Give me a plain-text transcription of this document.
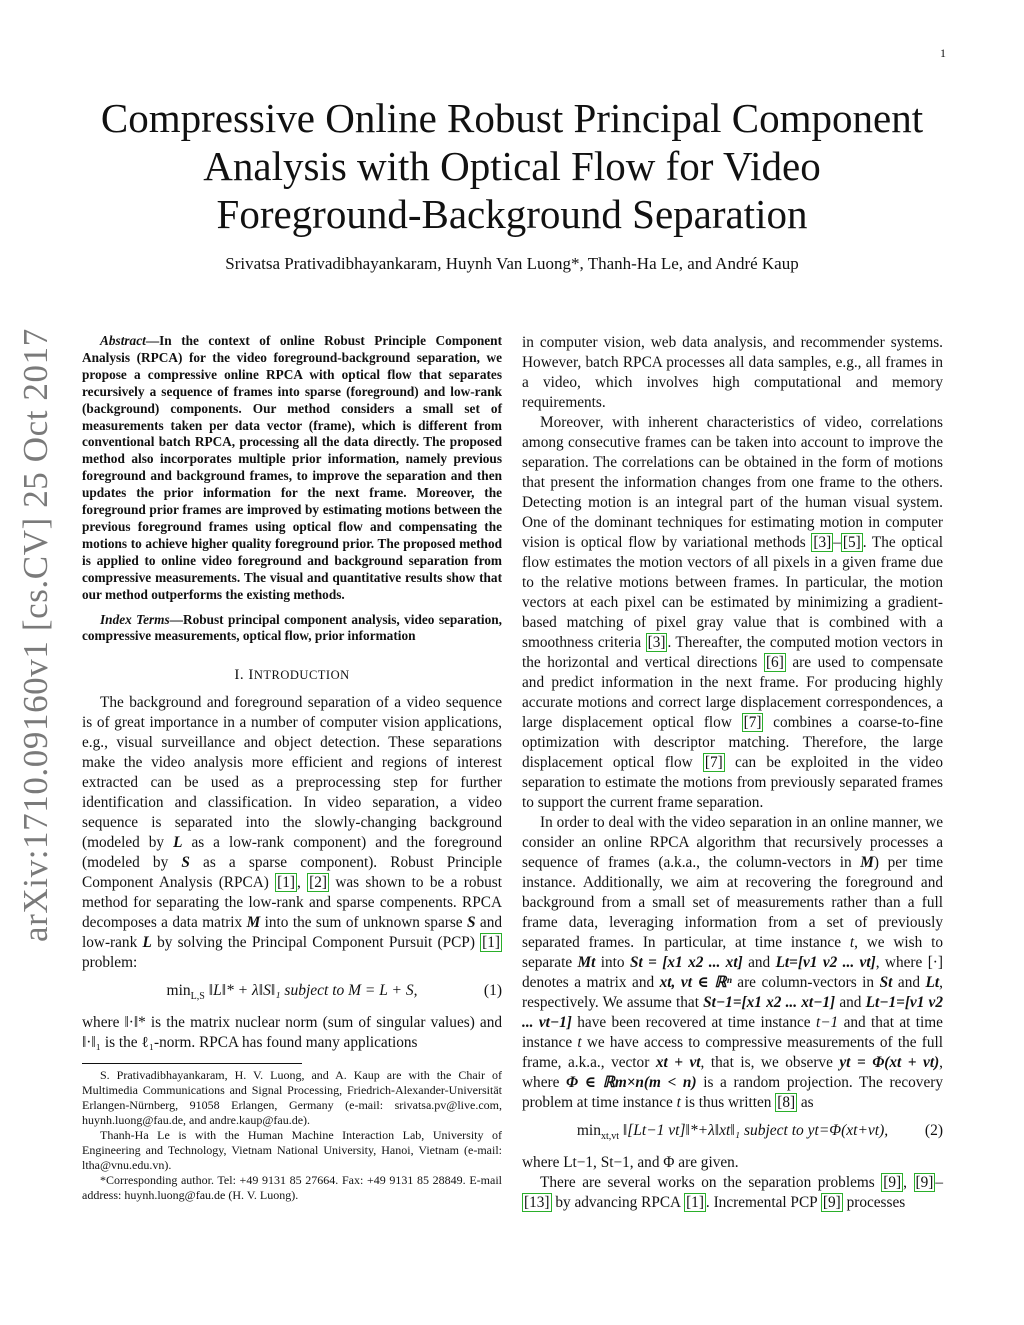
1
arXiv:1710.09160v1 [cs.CV] 25 Oct 2017
Compressive Online Robust Principal Component
Analysis with Optical Flow for Video
Foreground-Background Separation
Srivatsa Prativadibhayankaram, Huynh Van Luong*, Thanh-Ha Le, and André Kaup

Abstract—In the context of online Robust Principle Component Analysis (RPCA) for the video foreground-background separation, we propose a compressive online RPCA with optical flow that separates recursively a sequence of frames into sparse (foreground) and low-rank (background) components. Our method considers a small set of measurements taken per data vector (frame), which is different from conventional batch RPCA, processing all the data directly. The proposed method also incorporates multiple prior information, namely previous foreground and background frames, to improve the separation and then updates the prior information for the next frame. Moreover, the foreground prior frames are improved by estimating motions between the previous foreground frames using optical flow and compensating the motions to achieve higher quality foreground prior. The proposed method is applied to online video foreground and background separation from compressive measurements. The visual and quantitative results show that our method outperforms the existing methods.

Index Terms—Robust principal component analysis, video separation, compressive measurements, optical flow, prior information

I. INTRODUCTION

The background and foreground separation of a video sequence is of great importance in a number of computer vision applications, e.g., visual surveillance and object detection. These separations make the video analysis more efficient and regions of interest extracted can be used as a preprocessing step for further identification and classification. In video separation, a video sequence is separated into the slowly-changing background (modeled by L as a low-rank component) and the foreground (modeled by S as a sparse component). Robust Principle Component Analysis (RPCA) [1] , [2] was shown to be a robust method for separating the low-rank and sparse compenents. RPCA decomposes a data matrix M into the sum of unknown sparse S and low-rank L by solving the Principal Component Pursuit (PCP) [1] problem:

$\min_{L,S}$ ‖L‖* + λ‖S‖₁ subject to M = L + S,	(1)

where ‖·‖* is the matrix nuclear norm (sum of singular values) and ‖·‖₁ is the ℓ₁-norm. RPCA has found many applications

S. Prativadibhayankaram, H. V. Luong, and A. Kaup are with the Chair of Multimedia Communications and Signal Processing, Friedrich-Alexander-Universität Erlangen-Nürnberg, 91058 Erlangen, Germany (e-mail: srivatsa.pv@live.com, huynh.luong@fau.de, and andre.kaup@fau.de).

Thanh-Ha Le is with the Human Machine Interaction Lab, University of Engineering and Technology, Vietnam National University, Hanoi, Vietnam (e-mail: ltha@vnu.edu.vn).

*Corresponding author. Tel: +49 9131 85 27664. Fax: +49 9131 85 28849. E-mail address: huynh.luong@fau.de (H. V. Luong).

in computer vision, web data analysis, and recommender systems. However, batch RPCA processes all data samples, e.g., all frames in a video, which involves high computational and memory requirements.

Moreover, with inherent characteristics of video, correlations among consecutive frames can be taken into account to improve the separation. The correlations can be obtained in the form of motions that present the information changes from one frame to the others. Detecting motion is an integral part of the human visual system. One of the dominant techniques for estimating motion in computer vision is optical flow by variational methods [3] – [5] . The optical flow estimates the motion vectors of all pixels in a given frame due to the relative motions between frames. In particular, the motion vectors at each pixel can be estimated by minimizing a gradient-based matching of pixel gray value that is combined with a smoothness criteria [3] . Thereafter, the computed motion vectors in the horizontal and vertical directions [6] are used to compensate and predict information in the next frame. For producing highly accurate motions and correct large displacement correspondences, a large displacement optical flow [7] combines a coarse-to-fine optimization with descriptor matching. Therefore, the large displacement optical flow [7] can be exploited in the video separation to estimate the motions from previously separated frames to support the current frame separation.

In order to deal with the video separation in an online manner, we consider an online RPCA algorithm that recursively processes a sequence of frames (a.k.a., the column-vectors in M) per time instance. Additionally, we aim at recovering the foreground and background from a small set of measurements rather than a full frame data, leveraging information from a set of previously separated frames. In particular, at time instance t, we wish to separate Mt into St = [x1 x2 ... xt] and Lt=[v1 v2 ... vt], where [·] denotes a matrix and xt, vt ∈ ℝⁿ are column-vectors in St and Lt, respectively. We assume that St−1=[x1 x2 ... xt−1] and Lt−1=[v1 v2 ... vt−1] have been recovered at time instance t−1 and that at time instance t we have access to compressive measurements of the full frame, a.k.a., vector xt + vt, that is, we observe yt = Φ(xt + vt), where Φ ∈ ℝm×n(m < n) is a random projection. The recovery problem at time instance t is thus written [8] as

$\min_{xt,vt}$ ‖[Lt−1 vt]‖*+λ‖xt‖₁ subject to yt=Φ(xt+vt), (2)

where Lt−1, St−1, and Φ are given.

There are several works on the separation problems [9] , [9] –[13] by advancing RPCA [1] . Incremental PCP [9] processes
